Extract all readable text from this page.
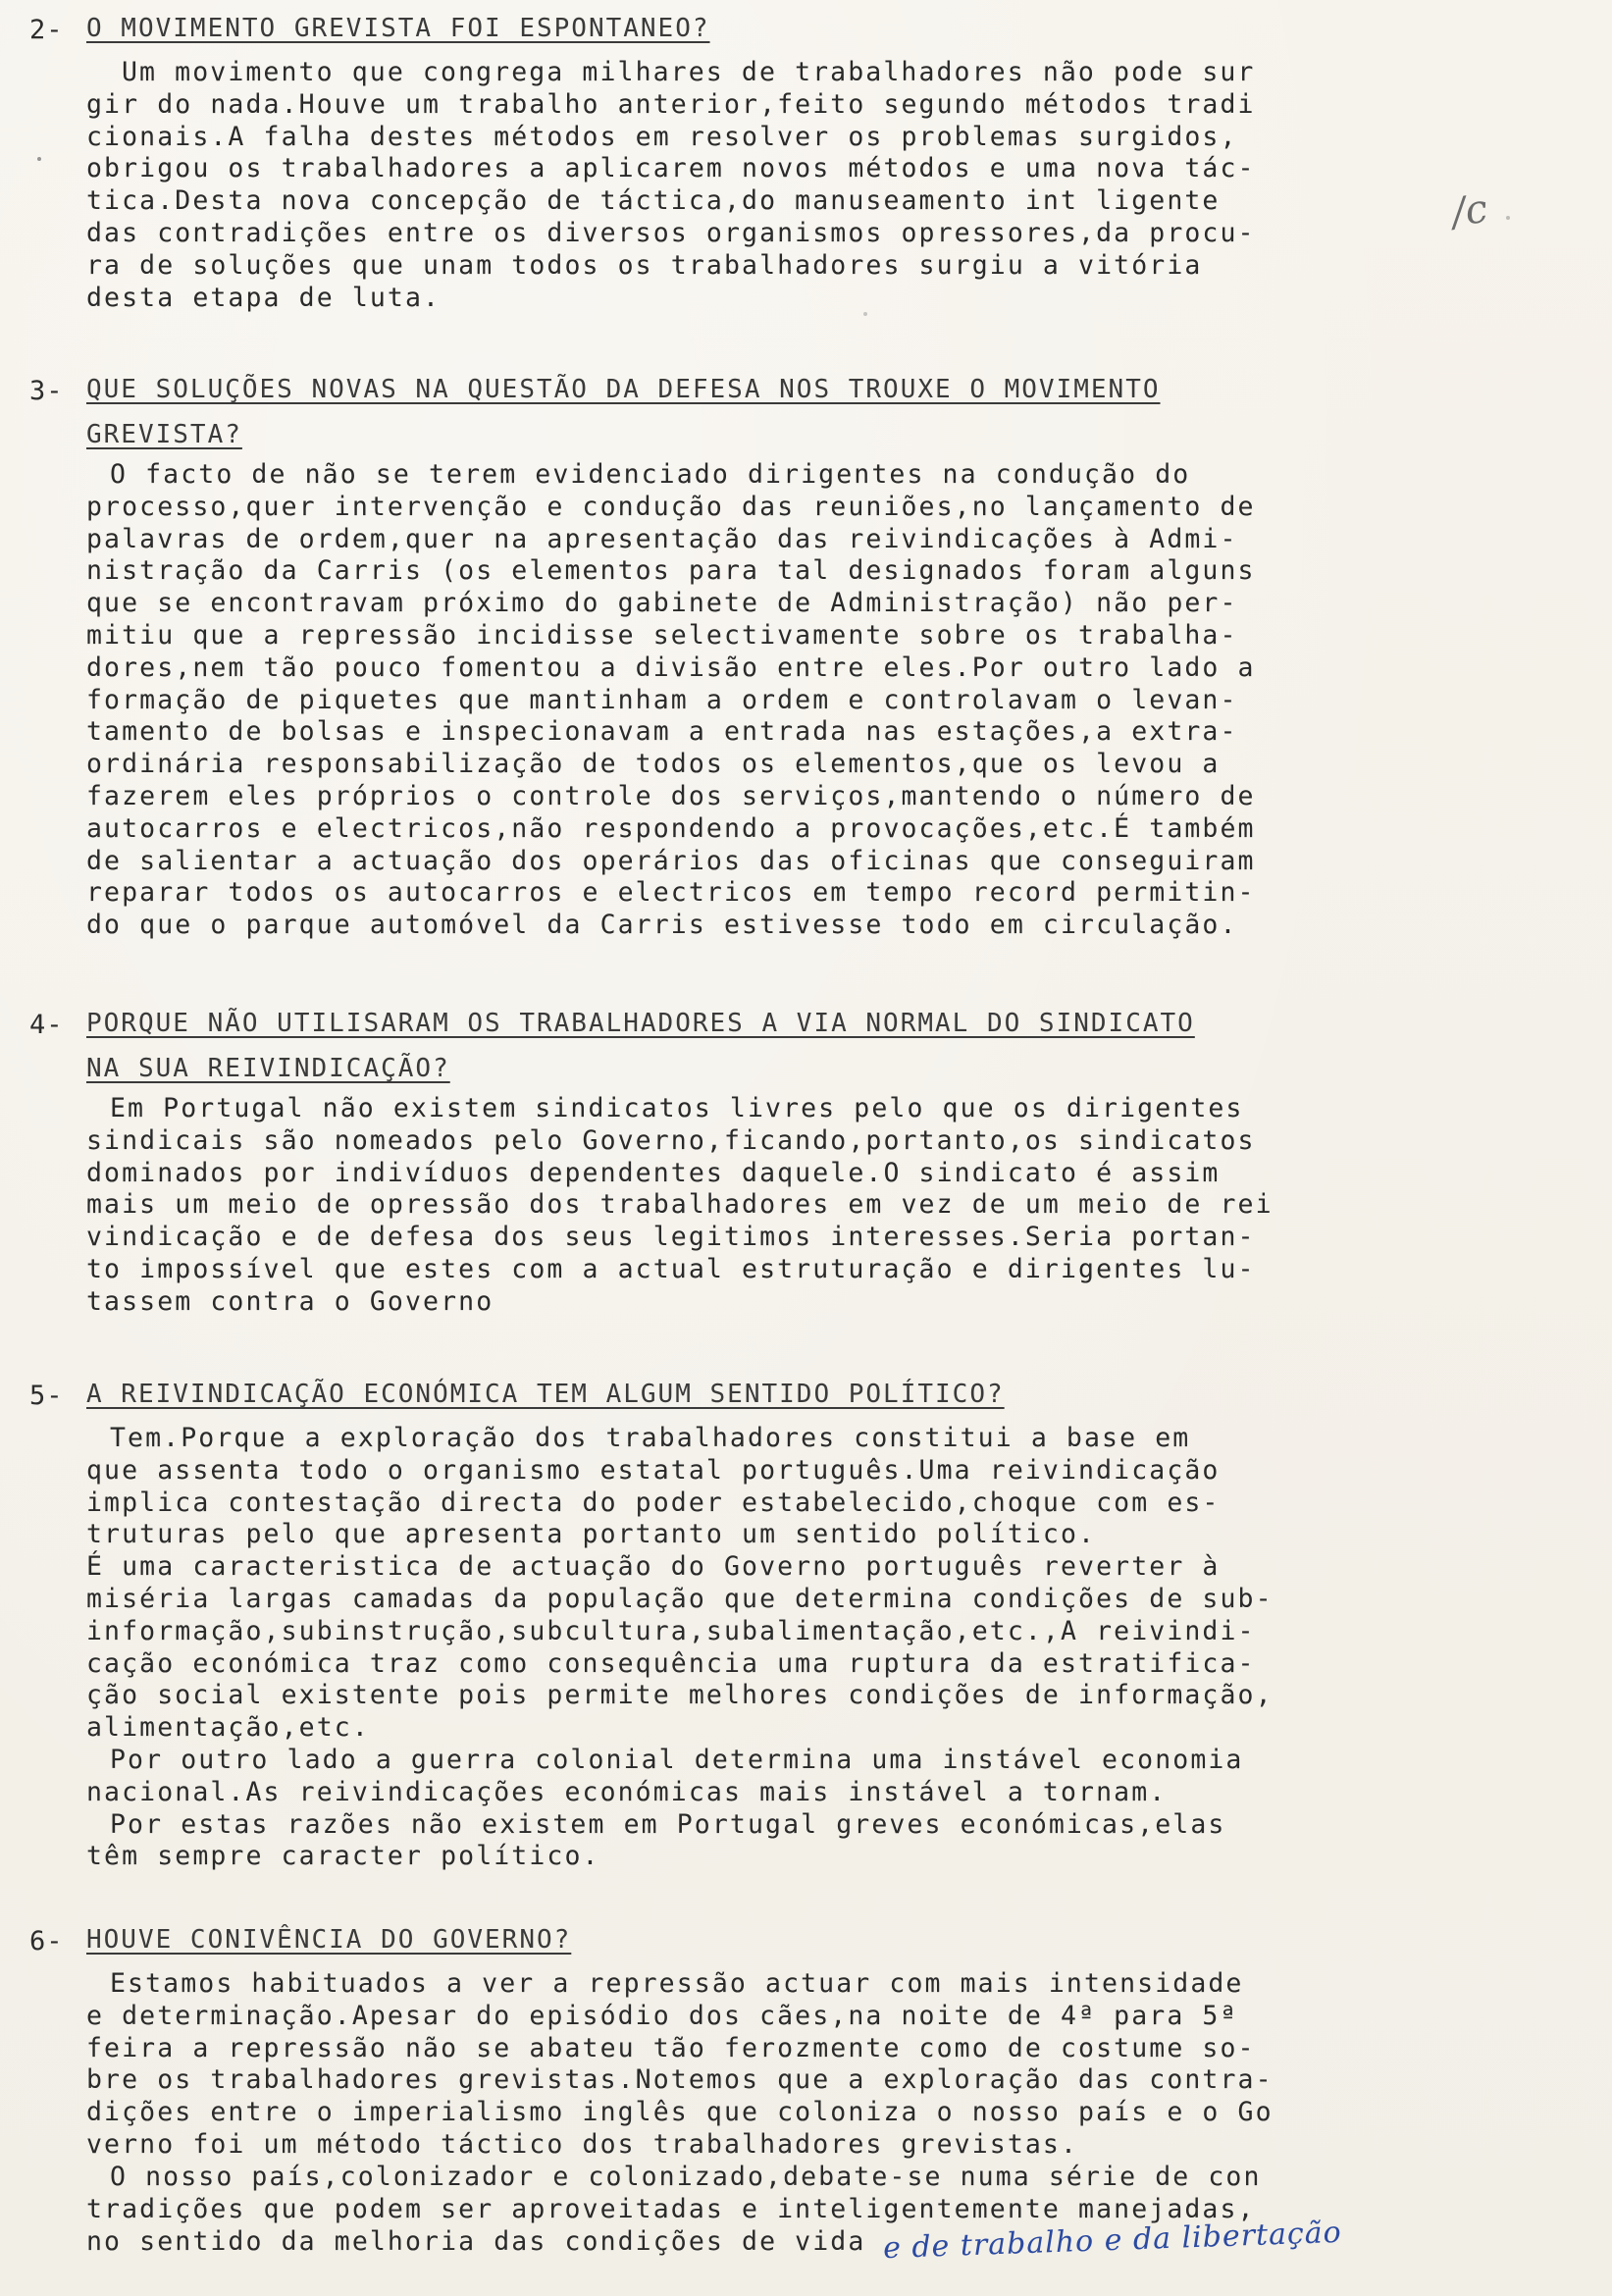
2- O MOVIMENTO GREVISTA FOI ESPONTANEO?
Um movimento que congrega milhares de trabalhadores não pode sur
gir do nada.Houve um trabalho anterior,feito segundo métodos tradi
cionais.A falha destes métodos em resolver os problemas surgidos,
obrigou os trabalhadores a aplicarem novos métodos e uma nova tác-
tica.Desta nova concepção de táctica,do manuseamento int ligente
das contradições entre os diversos organismos opressores,da procu-
ra de soluções que unam todos os trabalhadores surgiu a vitória
desta etapa de luta.
/c
3- QUE SOLUÇÕES NOVAS NA QUESTÃO DA DEFESA NOS TROUXE O MOVIMENTO
GREVISTA?
O facto de não se terem evidenciado dirigentes na condução do
processo,quer intervenção e condução das reuniões,no lançamento de
palavras de ordem,quer na apresentação das reivindicações à Admi-
nistração da Carris (os elementos para tal designados foram alguns
que se encontravam próximo do gabinete de Administração) não per-
mitiu que a repressão incidisse selectivamente sobre os trabalha-
dores,nem tão pouco fomentou a divisão entre eles.Por outro lado a
formação de piquetes que mantinham a ordem e controlavam o levan-
tamento de bolsas e inspecionavam a entrada nas estações,a extra-
ordinária responsabilização de todos os elementos,que os levou a
fazerem eles próprios o controle dos serviços,mantendo o número de
autocarros e electricos,não respondendo a provocações,etc.É também
de salientar a actuação dos operários das oficinas que conseguiram
reparar todos os autocarros e electricos em tempo record permitin-
do que o parque automóvel da Carris estivesse todo em circulação.
4- PORQUE NÃO UTILISARAM OS TRABALHADORES A VIA NORMAL DO SINDICATO
NA SUA REIVINDICAÇÃO?
Em Portugal não existem sindicatos livres pelo que os dirigentes
sindicais são nomeados pelo Governo,ficando,portanto,os sindicatos
dominados por indivíduos dependentes daquele.O sindicato é assim
mais um meio de opressão dos trabalhadores em vez de um meio de rei
vindicação e de defesa dos seus legitimos interesses.Seria portan-
to impossível que estes com a actual estruturação e dirigentes lu-
tassem contra o Governo
5- A REIVINDICAÇÃO ECONÓMICA TEM ALGUM SENTIDO POLÍTICO?
Tem.Porque a exploração dos trabalhadores constitui a base em
que assenta todo o organismo estatal português.Uma reivindicação
implica contestação directa do poder estabelecido,choque com es-
truturas pelo que apresenta portanto um sentido político.
É uma caracteristica de actuação do Governo português reverter à
miséria largas camadas da população que determina condições de sub-
informação,subinstrução,subcultura,subalimentação,etc.,A reivindi-
cação económica traz como consequência uma ruptura da estratifica-
ção social existente pois permite melhores condições de informação,
alimentação,etc.
Por outro lado a guerra colonial determina uma instável economia
nacional.As reivindicações económicas mais instável a tornam.
Por estas razões não existem em Portugal greves económicas,elas
têm sempre caracter político.
6- HOUVE CONIVÊNCIA DO GOVERNO?
Estamos habituados a ver a repressão actuar com mais intensidade
e determinação.Apesar do episódio dos cães,na noite de 4ª para 5ª
feira a repressão não se abateu tão ferozmente como de costume so-
bre os trabalhadores grevistas.Notemos que a exploração das contra-
dições entre o imperialismo inglês que coloniza o nosso país e o Go
verno foi um método táctico dos trabalhadores grevistas.
O nosso país,colonizador e colonizado,debate-se numa série de con
tradições que podem ser aproveitadas e inteligentemente manejadas,
no sentido da melhoria das condições de vida e de trabalho e da libertação
